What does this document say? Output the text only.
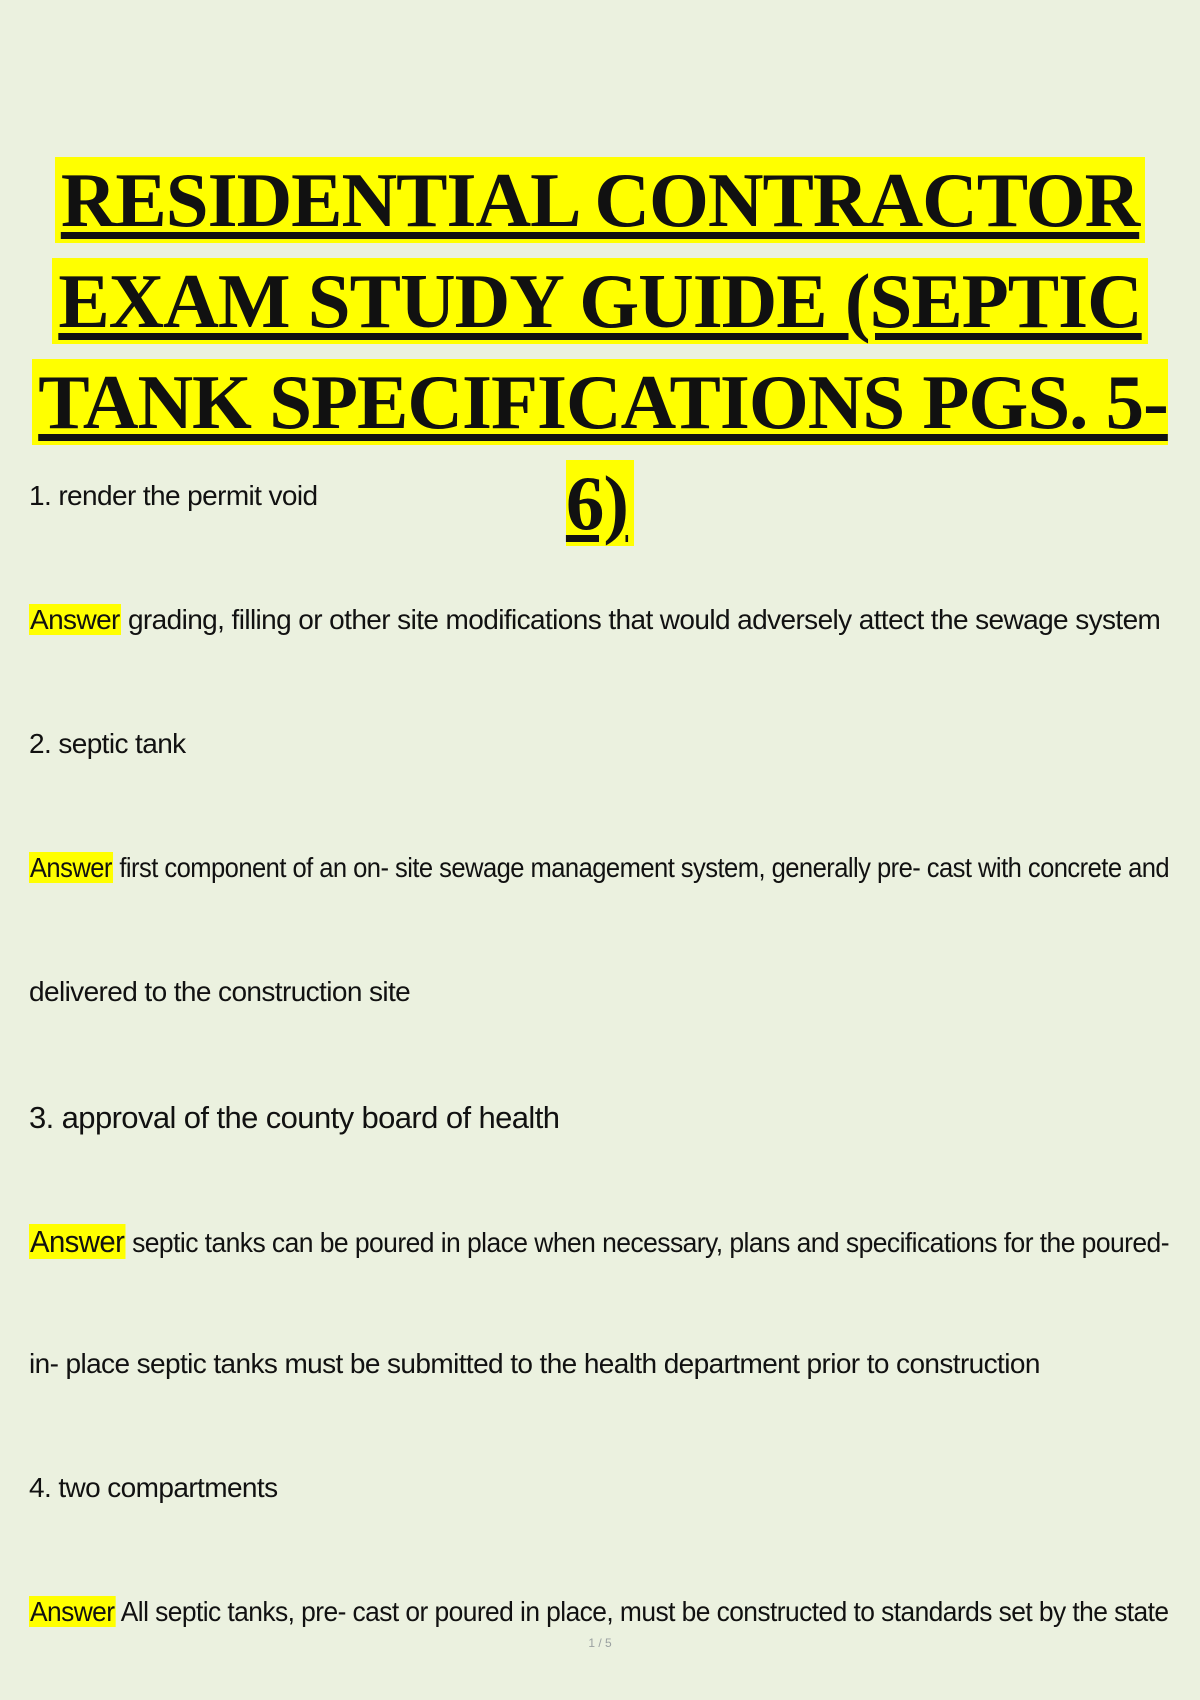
RESIDENTIAL CONTRACTOR
EXAM STUDY GUIDE (SEPTIC
TANK SPECIFICATIONS PGS. 5-6)
1. render the permit void
Answer grading, filling or other site modifications that would adversely attect the sewage system
2. septic tank
Answer first component of an on- site sewage management system, generally pre- cast with concrete and
delivered to the construction site
3. approval of the county board of health
Answer septic tanks can be poured in place when necessary, plans and specifications for the poured-
in- place septic tanks must be submitted to the health department prior to construction
4. two compartments
Answer All septic tanks, pre- cast or poured in place, must be constructed to standards set by the state
1 / 5
